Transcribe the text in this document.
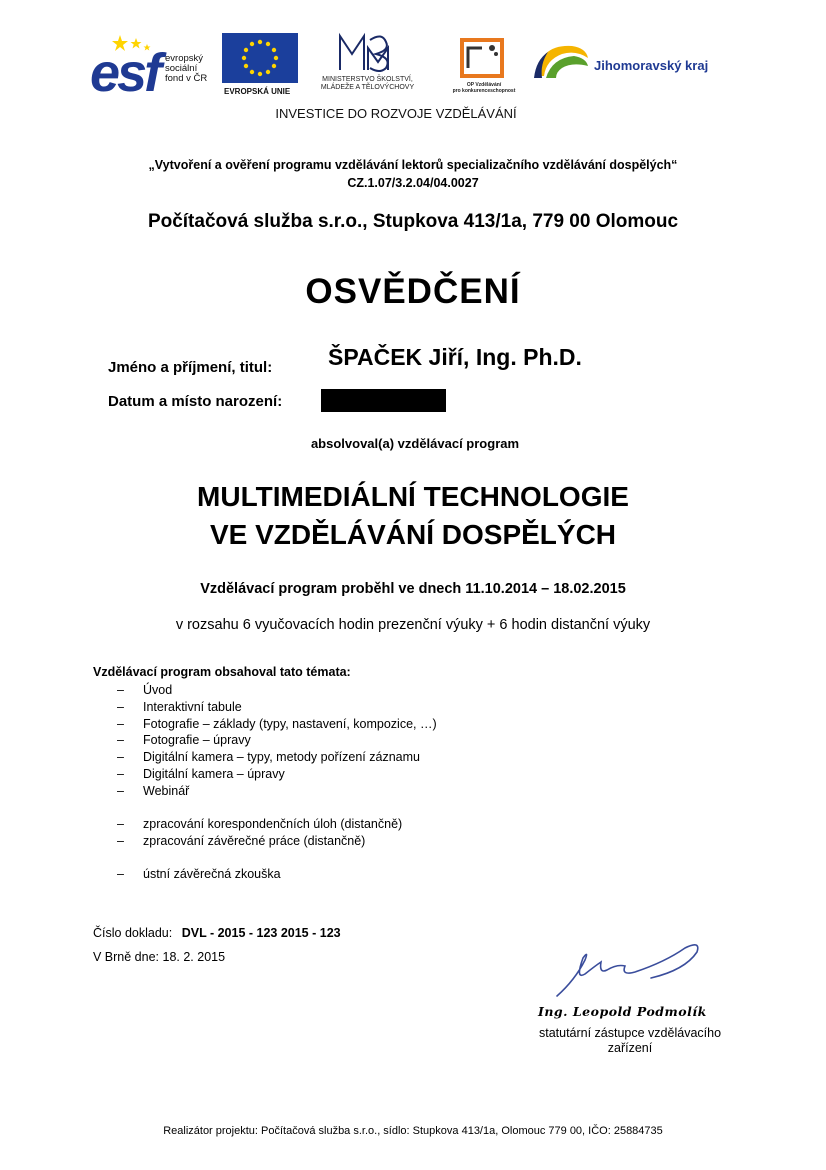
esf evropský
sociální
fond v ČR
EVROPSKÁ UNIE
MINISTERSTVO ŠKOLSTVÍ,
MLÁDEŽE A TĚLOVÝCHOVY	OP Vzdělávání
pro konkurenceschopnost
Jihomoravský kraj
INVESTICE DO ROZVOJE VZDĚLÁVÁNÍ
„Vytvoření a ověření programu vzdělávání lektorů specializačního vzdělávání dospělých“
CZ.1.07/3.2.04/04.0027
Počítačová služba s.r.o., Stupkova 413/1a, 779 00 Olomouc
OSVĚDČENÍ
Jméno a příjmení, titul: ŠPAČEK Jiří, Ing. Ph.D.
Datum a místo narození:
absolvoval(a) vzdělávací program
MULTIMEDIÁLNÍ TECHNOLOGIE
VE VZDĚLÁVÁNÍ DOSPĚLÝCH
Vzdělávací program proběhl ve dnech 11.10.2014 – 18.02.2015
v rozsahu 6 vyučovacích hodin prezenční výuky + 6 hodin distanční výuky
Vzdělávací program obsahoval tato témata:
– Úvod
– Interaktivní tabule
– Fotografie – základy (typy, nastavení, kompozice, …)
– Fotografie – úpravy
– Digitální kamera – typy, metody pořízení záznamu
– Digitální kamera – úpravy
– Webinář
– zpracování korespondenčních úloh (distančně)
– zpracování závěrečné práce (distančně)
– ústní závěrečná zkouška
Číslo dokladu: DVL - 2015 - 123 2015 - 123
V Brně dne: 18. 2. 2015
Ing. Leopold Podmolík
statutární zástupce vzdělávacího
zařízení
Realizátor projektu: Počítačová služba s.r.o., sídlo: Stupkova 413/1a, Olomouc 779 00, IČO: 25884735
